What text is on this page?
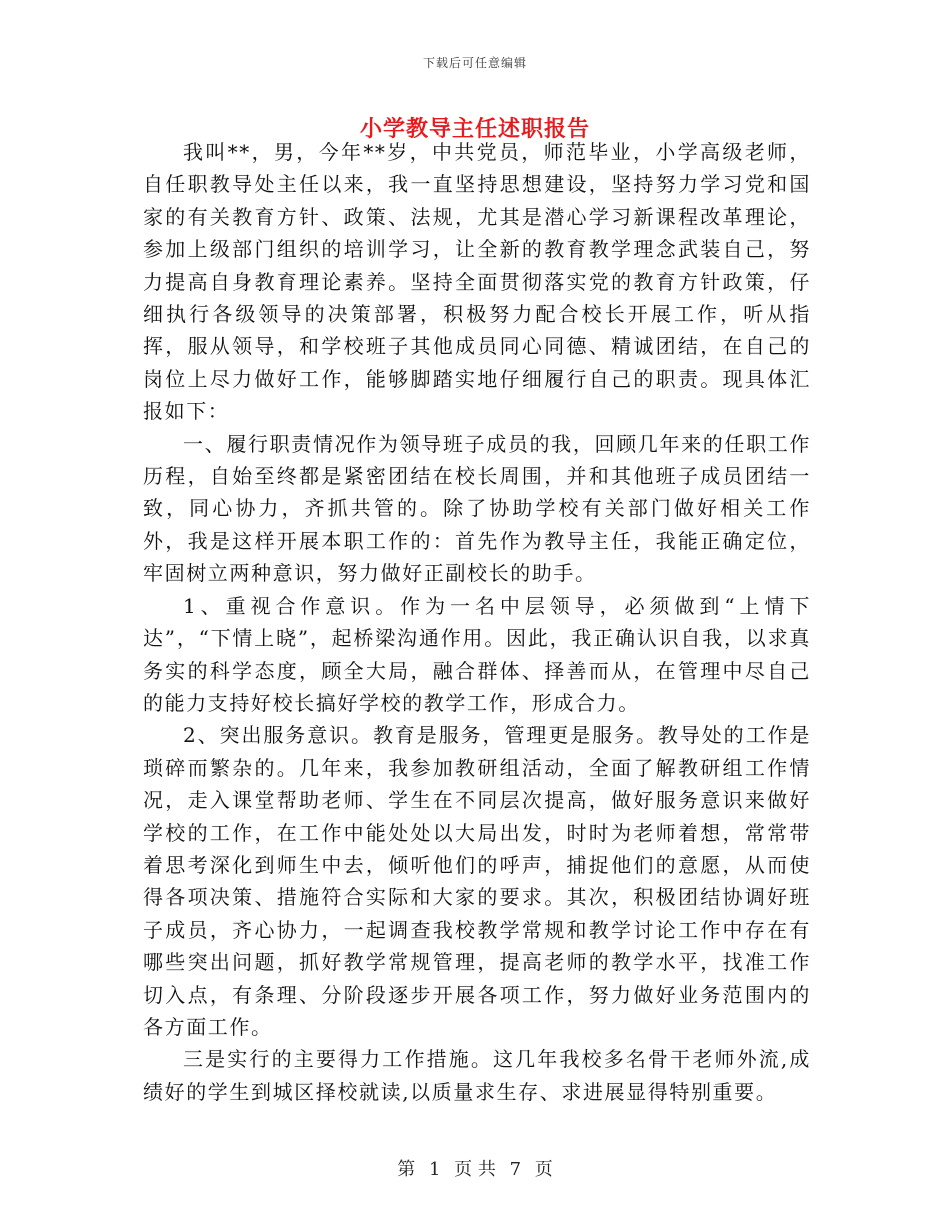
下载后可任意编辑
小学教导主任述职报告

我叫**，男，今年**岁，中共党员，师范毕业，小学高级老师，自任职教导处主任以来，我一直坚持思想建设，坚持努力学习党和国家的有关教育方针、政策、法规，尤其是潜心学习新课程改革理论，参加上级部门组织的培训学习，让全新的教育教学理念武装自己，努力提高自身教育理论素养。坚持全面贯彻落实党的教育方针政策，仔细执行各级领导的决策部署，积极努力配合校长开展工作，听从指挥，服从领导，和学校班子其他成员同心同德、精诚团结，在自己的岗位上尽力做好工作，能够脚踏实地仔细履行自己的职责。现具体汇报如下：

一、履行职责情况作为领导班子成员的我，回顾几年来的任职工作历程，自始至终都是紧密团结在校长周围，并和其他班子成员团结一致，同心协力，齐抓共管的。除了协助学校有关部门做好相关工作外，我是这样开展本职工作的：首先作为教导主任，我能正确定位，牢固树立两种意识，努力做好正副校长的助手。

1、重视合作意识。作为一名中层领导，必须做到“上情下达”，“下情上晓”，起桥梁沟通作用。因此，我正确认识自我，以求真务实的科学态度，顾全大局，融合群体、择善而从，在管理中尽自己的能力支持好校长搞好学校的教学工作，形成合力。

2、突出服务意识。教育是服务，管理更是服务。教导处的工作是琐碎而繁杂的。几年来，我参加教研组活动，全面了解教研组工作情况，走入课堂帮助老师、学生在不同层次提高，做好服务意识来做好学校的工作，在工作中能处处以大局出发，时时为老师着想，常常带着思考深化到师生中去，倾听他们的呼声，捕捉他们的意愿，从而使得各项决策、措施符合实际和大家的要求。其次，积极团结协调好班子成员，齐心协力，一起调查我校教学常规和教学讨论工作中存在有哪些突出问题，抓好教学常规管理，提高老师的教学水平，找准工作切入点，有条理、分阶段逐步开展各项工作，努力做好业务范围内的各方面工作。

三是实行的主要得力工作措施。这几年我校多名骨干老师外流,成绩好的学生到城区择校就读,以质量求生存、求进展显得特别重要。

第 1 页 共 7 页
